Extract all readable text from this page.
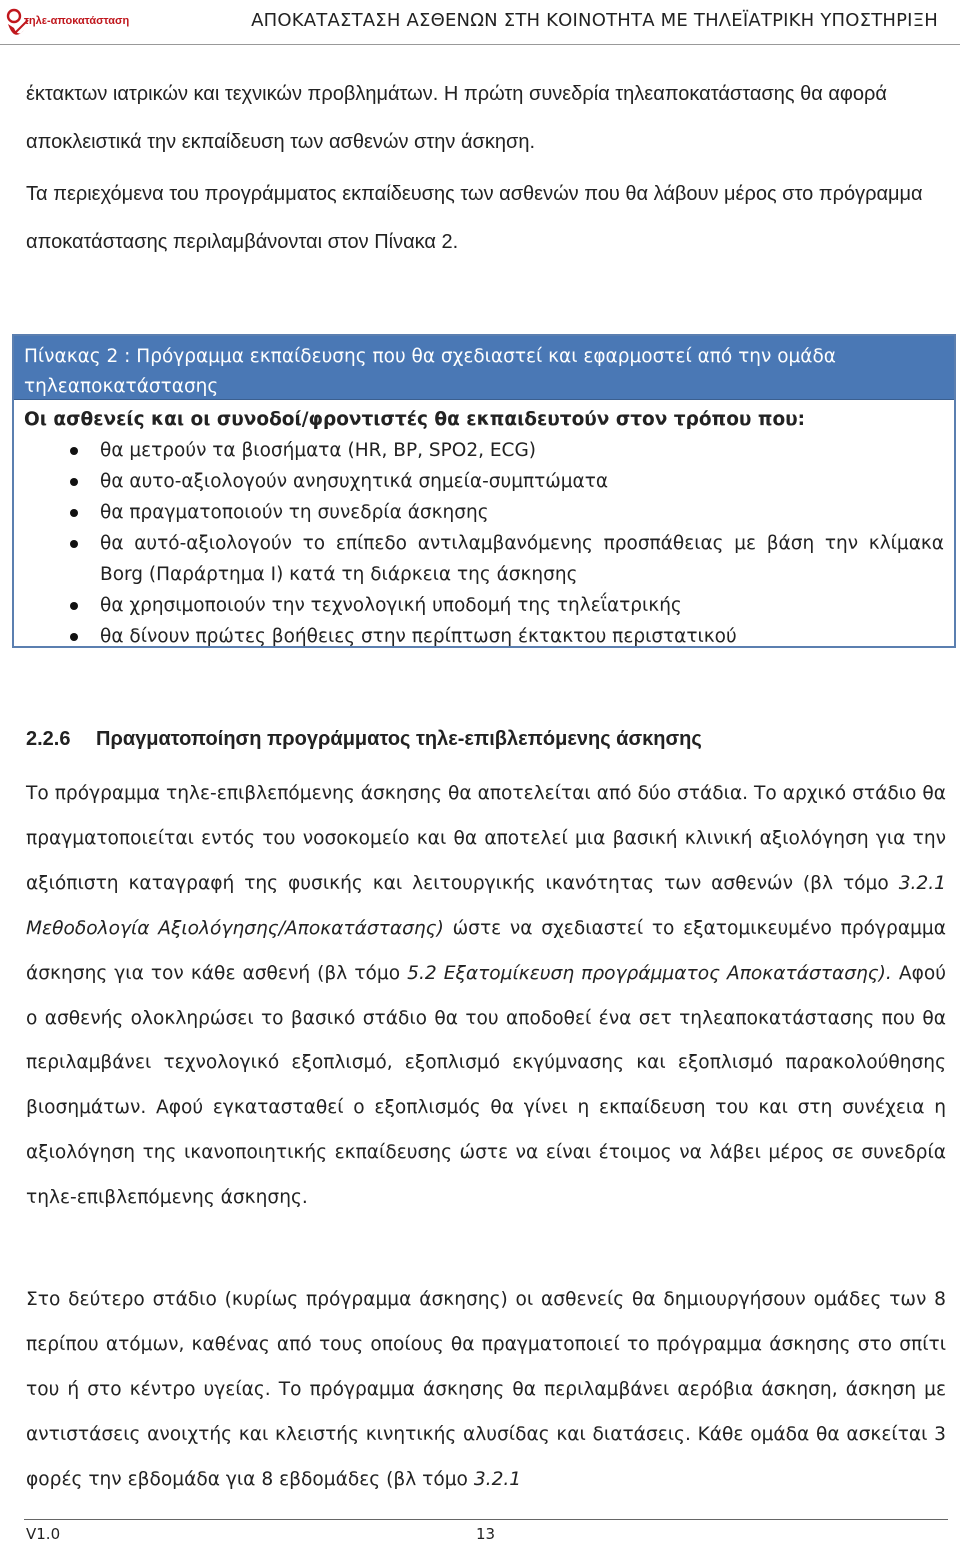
τηλε-αποκατάσταση	ΑΠΟΚΑΤΑΣΤΑΣΗ ΑΣΘΕΝΩΝ ΣΤΗ ΚΟΙΝΟΤΗΤΑ ΜΕ ΤΗΛΕΪΑΤΡΙΚΗ ΥΠΟΣΤΗΡΙΞΗ
έκτακτων ιατρικών και τεχνικών προβλημάτων. Η πρώτη συνεδρία τηλεαποκατάστασης θα αφορά αποκλειστικά την εκπαίδευση των ασθενών στην άσκηση.
Τα περιεχόμενα του προγράμματος εκπαίδευσης των ασθενών που θα λάβουν μέρος στο πρόγραμμα αποκατάστασης περιλαμβάνονται στον Πίνακα 2.
Πίνακας 2 : Πρόγραμμα εκπαίδευσης που θα σχεδιαστεί και εφαρμοστεί από την ομάδα τηλεαποκατάστασης
Οι ασθενείς και οι συνοδοί/φροντιστές θα εκπαιδευτούν στον τρόπου που:
θα μετρούν τα βιοσήματα (HR, BP, SPO2, ECG)
θα αυτο-αξιολογούν ανησυχητικά σημεία-συμπτώματα
θα πραγματοποιούν τη συνεδρία άσκησης
θα αυτό-αξιολογούν το επίπεδο αντιλαμβανόμενης προσπάθειας με βάση την κλίμακα Borg (Παράρτημα Ι) κατά τη διάρκεια της άσκησης
θα χρησιμοποιούν την τεχνολογική υποδομή της τηλεΐατρικής
θα δίνουν πρώτες βοήθειες στην περίπτωση έκτακτου περιστατικού
2.2.6 Πραγματοποίηση προγράμματος τηλε-επιβλεπόμενης άσκησης
Το πρόγραμμα τηλε-επιβλεπόμενης άσκησης θα αποτελείται από δύο στάδια. Το αρχικό στάδιο θα πραγματοποιείται εντός του νοσοκομείο και θα αποτελεί μια βασική κλινική αξιολόγηση για την αξιόπιστη καταγραφή της φυσικής και λειτουργικής ικανότητας των ασθενών (βλ τόμο 3.2.1 Μεθοδολογία Αξιολόγησης/Αποκατάστασης) ώστε να σχεδιαστεί το εξατομικευμένο πρόγραμμα άσκησης για τον κάθε ασθενή (βλ τόμο 5.2 Εξατομίκευση προγράμματος Αποκατάστασης). Αφού ο ασθενής ολοκληρώσει το βασικό στάδιο θα του αποδοθεί ένα σετ τηλεαποκατάστασης που θα περιλαμβάνει τεχνολογικό εξοπλισμό, εξοπλισμό εκγύμνασης και εξοπλισμό παρακολούθησης βιοσημάτων. Αφού εγκατασταθεί ο εξοπλισμός θα γίνει η εκπαίδευση του και στη συνέχεια η αξιολόγηση της ικανοποιητικής εκπαίδευσης ώστε να είναι έτοιμος να λάβει μέρος σε συνεδρία τηλε-επιβλεπόμενης άσκησης.
Στο δεύτερο στάδιο (κυρίως πρόγραμμα άσκησης) οι ασθενείς θα δημιουργήσουν ομάδες των 8 περίπου ατόμων, καθένας από τους οποίους θα πραγματοποιεί το πρόγραμμα άσκησης στο σπίτι του ή στο κέντρο υγείας. Το πρόγραμμα άσκησης θα περιλαμβάνει αερόβια άσκηση, άσκηση με αντιστάσεις ανοιχτής και κλειστής κινητικής αλυσίδας και διατάσεις. Κάθε ομάδα θα ασκείται 3 φορές την εβδομάδα για 8 εβδομάδες (βλ τόμο 3.2.1
V1.0	13
